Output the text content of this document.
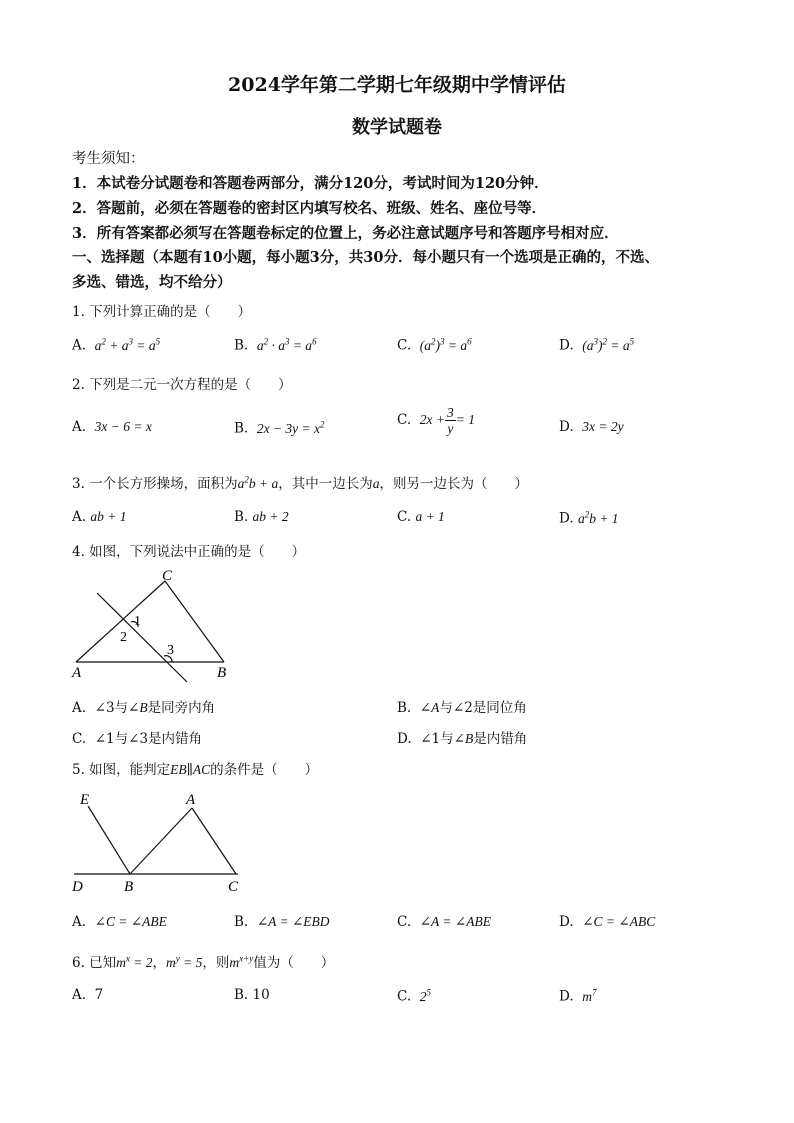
2024学年第二学期七年级期中学情评估
数学试题卷
考生须知：
1．本试卷分试题卷和答题卷两部分，满分120分，考试时间为120分钟．
2．答题前，必须在答题卷的密封区内填写校名、班级、姓名、座位号等．
3．所有答案都必须写在答题卷标定的位置上，务必注意试题序号和答题序号相对应．
一、选择题（本题有10小题，每小题3分，共30分．每小题只有一个选项是正确的，不选、
多选、错选，均不给分）
1. 下列计算正确的是（　　）
A. $a^2 + a^3 = a^5$	B. $a^2 \cdot a^3 = a^6$	C. $(a^2)^3 = a^6$	D. $(a^3)^2 = a^5$
2. 下列是二元一次方程的是（　　）
A. 3x − 6 = x	B. $2x - 3y = x^2$	C. $2x + \frac{3}{y} = 1$	D. 3x = 2y
3. 一个长方形操场，面积为$a^2b + a$，其中一边长为a，则另一边长为（　　）
A. ab + 1	B. ab + 2	C. a + 1	D. $a^2b + 1$
4. 如图，下列说法中正确的是（　　）
C
1
2
3
A	B
A.  ∠3与∠B是同旁内角	B.  ∠A与∠2是同位角
C.  ∠1与∠3是内错角	D.  ∠1与∠B是内错角
5. 如图，能判定EB∥AC的条件是（　　）
E	A
D	B	C
A. ∠C = ∠ABE	B. ∠A = ∠EBD	C. ∠A = ∠ABE	D. ∠C = ∠ABC
6. 已知$m^x = 2$，$m^y = 5$，则$m^{x+y}$值为（　　）
A. 7	B. 10	C. $2^5$	D. $m^7$
